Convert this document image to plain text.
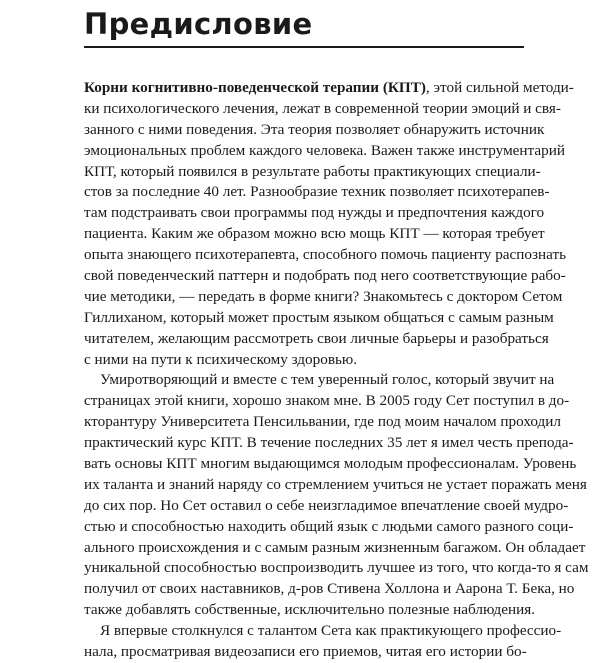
Предисловие
Корни когнитивно-поведенческой терапии (КПТ), этой сильной методи-
ки психологического лечения, лежат в современной теории эмоций и свя-
занного с ними поведения. Эта теория позволяет обнаружить источник
эмоциональных проблем каждого человека. Важен также инструментарий
КПТ, который появился в результате работы практикующих специали-
стов за последние 40 лет. Разнообразие техник позволяет психотерапев-
там подстраивать свои программы под нужды и предпочтения каждого
пациента. Каким же образом можно всю мощь КПТ — которая требует
опыта знающего психотерапевта, способного помочь пациенту распознать
свой поведенческий паттерн и подобрать под него соответствующие рабо-
чие методики, — передать в форме книги? Знакомьтесь с доктором Сетом
Гиллиханом, который может простым языком общаться с самым разным
читателем, желающим рассмотреть свои личные барьеры и разобраться
с ними на пути к психическому здоровью.
Умиротворяющий и вместе с тем уверенный голос, который звучит на
страницах этой книги, хорошо знаком мне. В 2005 году Сет поступил в до-
кторантуру Университета Пенсильвании, где под моим началом проходил
практический курс КПТ. В течение последних 35 лет я имел честь препода-
вать основы КПТ многим выдающимся молодым профессионалам. Уровень
их таланта и знаний наряду со стремлением учиться не устает поражать меня
до сих пор. Но Сет оставил о себе неизгладимое впечатление своей мудро-
стью и способностью находить общий язык с людьми самого разного соци-
ального происхождения и с самым разным жизненным багажом. Он обладает
уникальной способностью воспроизводить лучшее из того, что когда-то я сам
получил от своих наставников, д-ров Стивена Холлона и Аарона Т. Бека, но
также добавлять собственные, исключительно полезные наблюдения.
Я впервые столкнулся с талантом Сета как практикующего профессио-
нала, просматривая видеозаписи его приемов, читая его истории бо-
